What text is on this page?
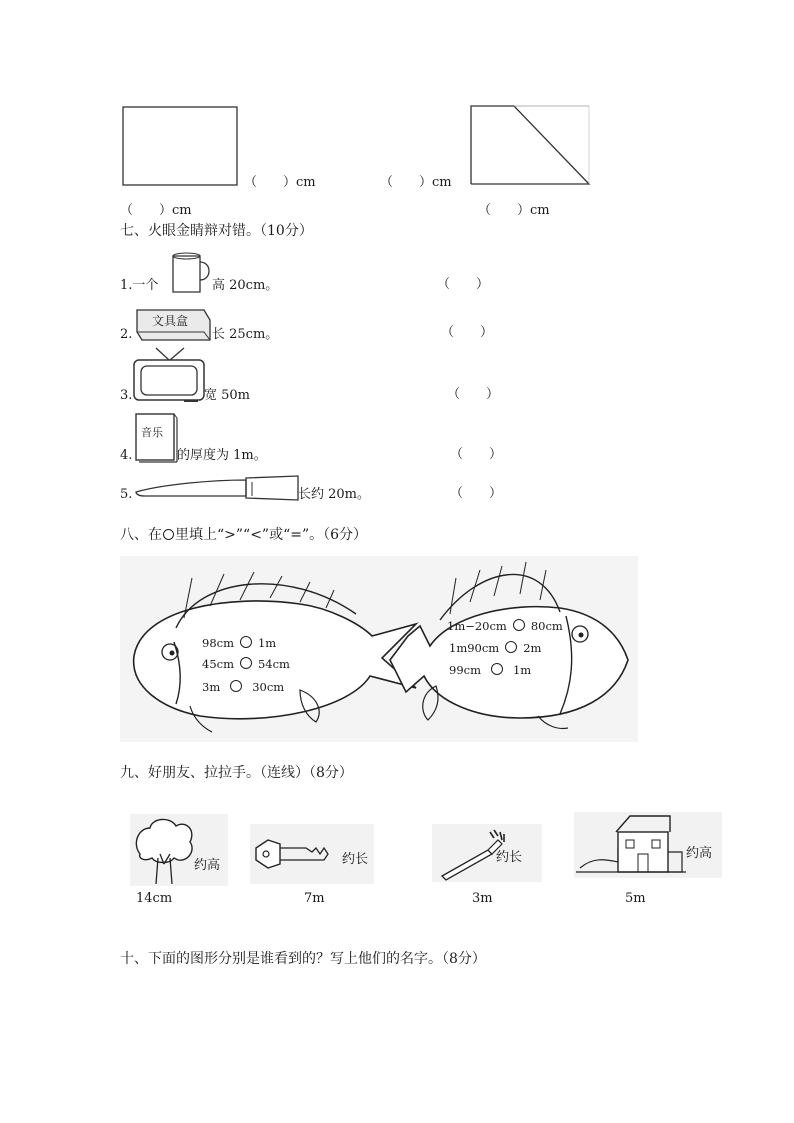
（　　）cm	（　　）cm
（　　）cm	（　　）cm
七、火眼金睛辩对错。（10分）
1.一个	高 20cm。	（　　）
2.
文具盒
长 25cm。	（　　）
3.	宽 50m	（　　）
4.
音乐
的厚度为 1m。	（　　）
5.	长约 20m。	（　　）
八、在 里填上“>”“<”或“=”。（6分）
98cm 1m
45cm 54cm
3m	30cm
1m−20cm 80cm
1m90cm 2m
99cm	1m
九、好朋友、拉拉手。（连线）（8分）
约高
14cm
约长
7m
约长
3m
约高
5m
十、下面的图形分别是谁看到的？写上他们的名字。（8分）
